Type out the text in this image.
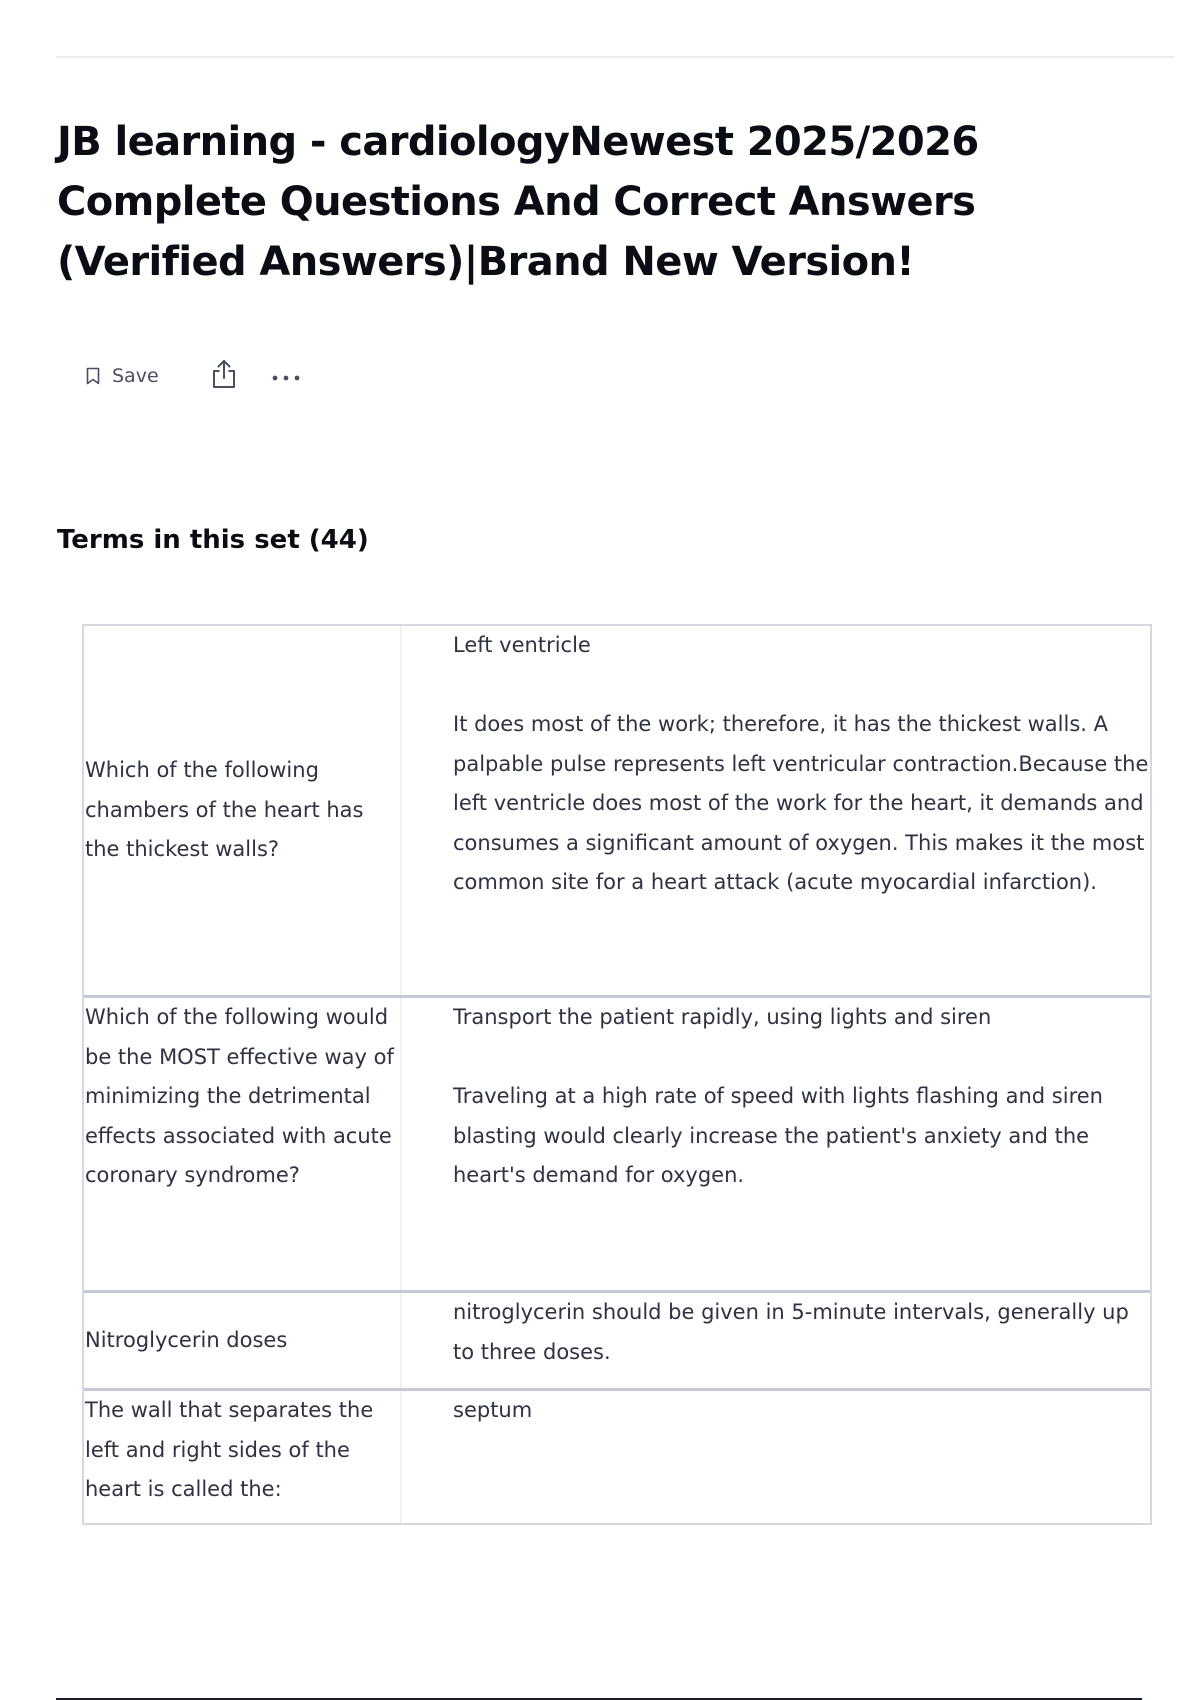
JB learning - cardiologyNewest 2025/2026 Complete Questions And Correct Answers (Verified Answers)|Brand New Version!
Save
Terms in this set (44)
Which of the following chambers of the heart has the thickest walls?

Left ventricle

It does most of the work; therefore, it has the thickest walls. A palpable pulse represents left ventricular contraction.Because the left ventricle does most of the work for the heart, it demands and consumes a significant amount of oxygen. This makes it the most common site for a heart attack (acute myocardial infarction).

Which of the following would be the MOST effective way of minimizing the detrimental effects associated with acute coronary syndrome?

Transport the patient rapidly, using lights and siren

Traveling at a high rate of speed with lights flashing and siren blasting would clearly increase the patient's anxiety and the heart's demand for oxygen.

Nitroglycerin doses

nitroglycerin should be given in 5-minute intervals, generally up to three doses.

The wall that separates the left and right sides of the heart is called the:

septum
